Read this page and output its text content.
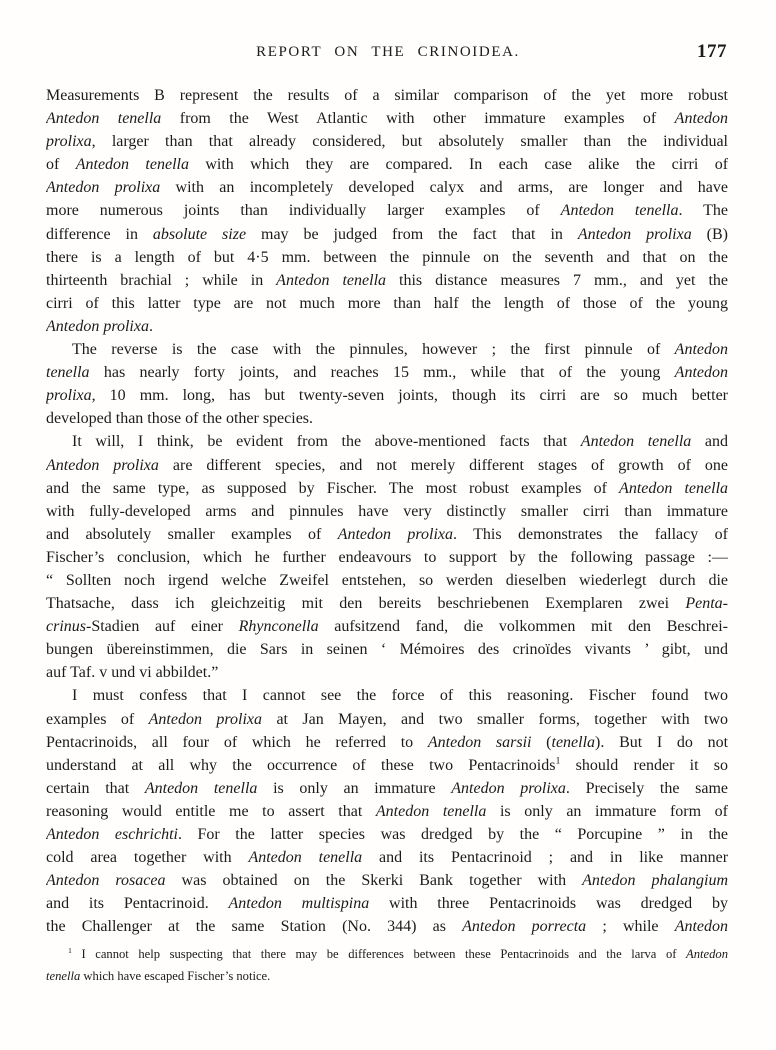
REPORT ON THE CRINOIDEA.	177
Measurements B represent the results of a similar comparison of the yet more robust
Antedon tenella from the West Atlantic with other immature examples of Antedon
prolixa, larger than that already considered, but absolutely smaller than the individual
of Antedon tenella with which they are compared. In each case alike the cirri of
Antedon prolixa with an incompletely developed calyx and arms, are longer and have
more numerous joints than individually larger examples of Antedon tenella. The
difference in absolute size may be judged from the fact that in Antedon prolixa (B)
there is a length of but 4·5 mm. between the pinnule on the seventh and that on the
thirteenth brachial ; while in Antedon tenella this distance measures 7 mm., and yet the
cirri of this latter type are not much more than half the length of those of the young
Antedon prolixa.
The reverse is the case with the pinnules, however ; the first pinnule of Antedon
tenella has nearly forty joints, and reaches 15 mm., while that of the young Antedon
prolixa, 10 mm. long, has but twenty-seven joints, though its cirri are so much better
developed than those of the other species.
It will, I think, be evident from the above-mentioned facts that Antedon tenella and
Antedon prolixa are different species, and not merely different stages of growth of one
and the same type, as supposed by Fischer. The most robust examples of Antedon tenella
with fully-developed arms and pinnules have very distinctly smaller cirri than immature
and absolutely smaller examples of Antedon prolixa. This demonstrates the fallacy of
Fischer’s conclusion, which he further endeavours to support by the following passage :—
“ Sollten noch irgend welche Zweifel entstehen, so werden dieselben wiederlegt durch die
Thatsache, dass ich gleichzeitig mit den bereits beschriebenen Exemplaren zwei Penta-
crinus-Stadien auf einer Rhynconella aufsitzend fand, die volkommen mit den Beschrei-
bungen übereinstimmen, die Sars in seinen ‘ Mémoires des crinoïdes vivants ’ gibt, und
auf Taf. v und vi abbildet.”
I must confess that I cannot see the force of this reasoning. Fischer found two
examples of Antedon prolixa at Jan Mayen, and two smaller forms, together with two
Pentacrinoids, all four of which he referred to Antedon sarsii (tenella). But I do not
understand at all why the occurrence of these two Pentacrinoids$^1$ should render it so
certain that Antedon tenella is only an immature Antedon prolixa. Precisely the same
reasoning would entitle me to assert that Antedon tenella is only an immature form of
Antedon eschrichti. For the latter species was dredged by the “ Porcupine ” in the
cold area together with Antedon tenella and its Pentacrinoid ; and in like manner
Antedon rosacea was obtained on the Skerki Bank together with Antedon phalangium
and its Pentacrinoid. Antedon multispina with three Pentacrinoids was dredged by
the Challenger at the same Station (No. 344) as Antedon porrecta ; while Antedon
$^1$ I cannot help suspecting that there may be differences between these Pentacrinoids and the larva of Antedon
tenella which have escaped Fischer’s notice.
